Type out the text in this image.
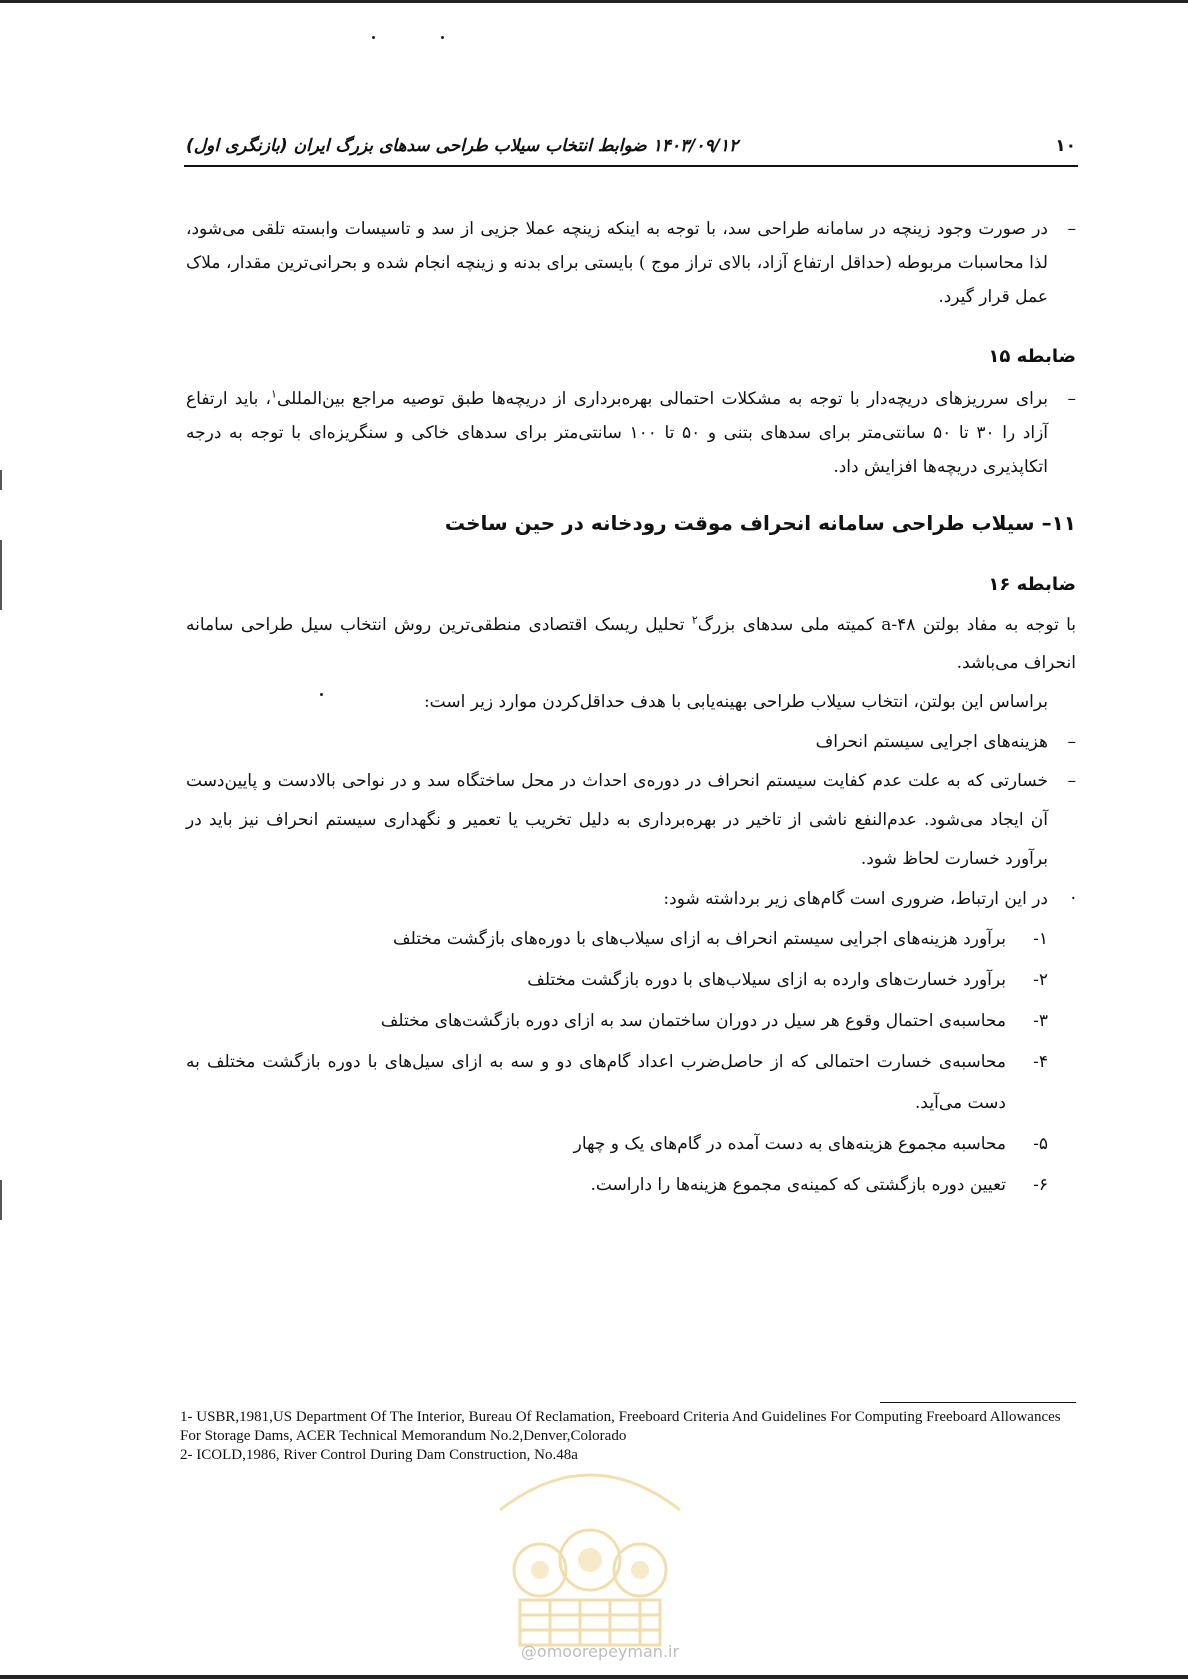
۱۴۰۳/۰۹/۱۲ ضوابط انتخاب سیلاب طراحی سدهای بزرگ ایران (بازنگری اول)	۱۰

–
در صورت وجود زینچه در سامانه طراحی سد، با توجه به اینکه زینچه عملا جزیی از سد و تاسیسات وابسته تلقی می‌شود، لذا محاسبات مربوطه (حداقل ارتفاع آزاد، بالای تراز موج ) بایستی برای بدنه و زینچه انجام شده و بحرانی‌ترین مقدار، ملاک عمل قرار گیرد.

ضابطه ۱۵

–
برای سرریزهای دریچه‌دار با توجه به مشکلات احتمالی بهره‌برداری از دریچه‌ها طبق توصیه مراجع بین‌المللی$^۱$، باید ارتفاع آزاد را ۳۰ تا ۵۰ سانتی‌متر برای سدهای بتنی و ۵۰ تا ۱۰۰ سانتی‌متر برای سدهای خاکی و سنگریزه‌ای با توجه به درجه اتکاپذیری دریچه‌ها افزایش داد.

۱۱– سیلاب طراحی سامانه انحراف موقت رودخانه در حین ساخت

ضابطه ۱۶

با توجه به مفاد بولتن a-۴۸ کمیته ملی سدهای بزرگ$^۲$ تحلیل ریسک اقتصادی منطقی‌ترین روش انتخاب سیل طراحی سامانه انحراف می‌باشد.

براساس این بولتن، انتخاب سیلاب طراحی بهینه‌یابی با هدف حداقل‌کردن موارد زیر است:

–
هزینه‌های اجرایی سیستم انحراف

–
خسارتی که به علت عدم کفایت سیستم انحراف در دوره‌ی احداث در محل ساختگاه سد و در نواحی بالادست و پایین‌دست آن ایجاد می‌شود. عدم‌النفع ناشی از تاخیر در بهره‌برداری به دلیل تخریب یا تعمیر و نگهداری سیستم انحراف نیز باید در برآورد خسارت لحاظ شود.

·
در این ارتباط، ضروری است گام‌های زیر برداشته شود:

۱-
برآورد هزینه‌های اجرایی سیستم انحراف به ازای سیلاب‌های با دوره‌های بازگشت مختلف

۲-
برآورد خسارت‌های وارده به ازای سیلاب‌های با دوره بازگشت مختلف

۳-
محاسبه‌ی احتمال وقوع هر سیل در دوران ساختمان سد به ازای دوره بازگشت‌های مختلف

۴-
محاسبه‌ی خسارت احتمالی که از حاصل‌ضرب اعداد گام‌های دو و سه به ازای سیل‌های با دوره بازگشت مختلف به دست می‌آید.

۵-
محاسبه مجموع هزینه‌های به دست آمده در گام‌های یک و چهار

۶-
تعیین دوره بازگشتی که کمینه‌ی مجموع هزینه‌ها را داراست.

1- USBR,1981,US Department Of The Interior, Bureau Of Reclamation, Freeboard Criteria And Guidelines For Computing Freeboard Allowances For Storage Dams, ACER Technical Memorandum No.2,Denver,Colorado

2- ICOLD,1986, River Control During Dam Construction, No.48a

@omoorepeyman.ir
